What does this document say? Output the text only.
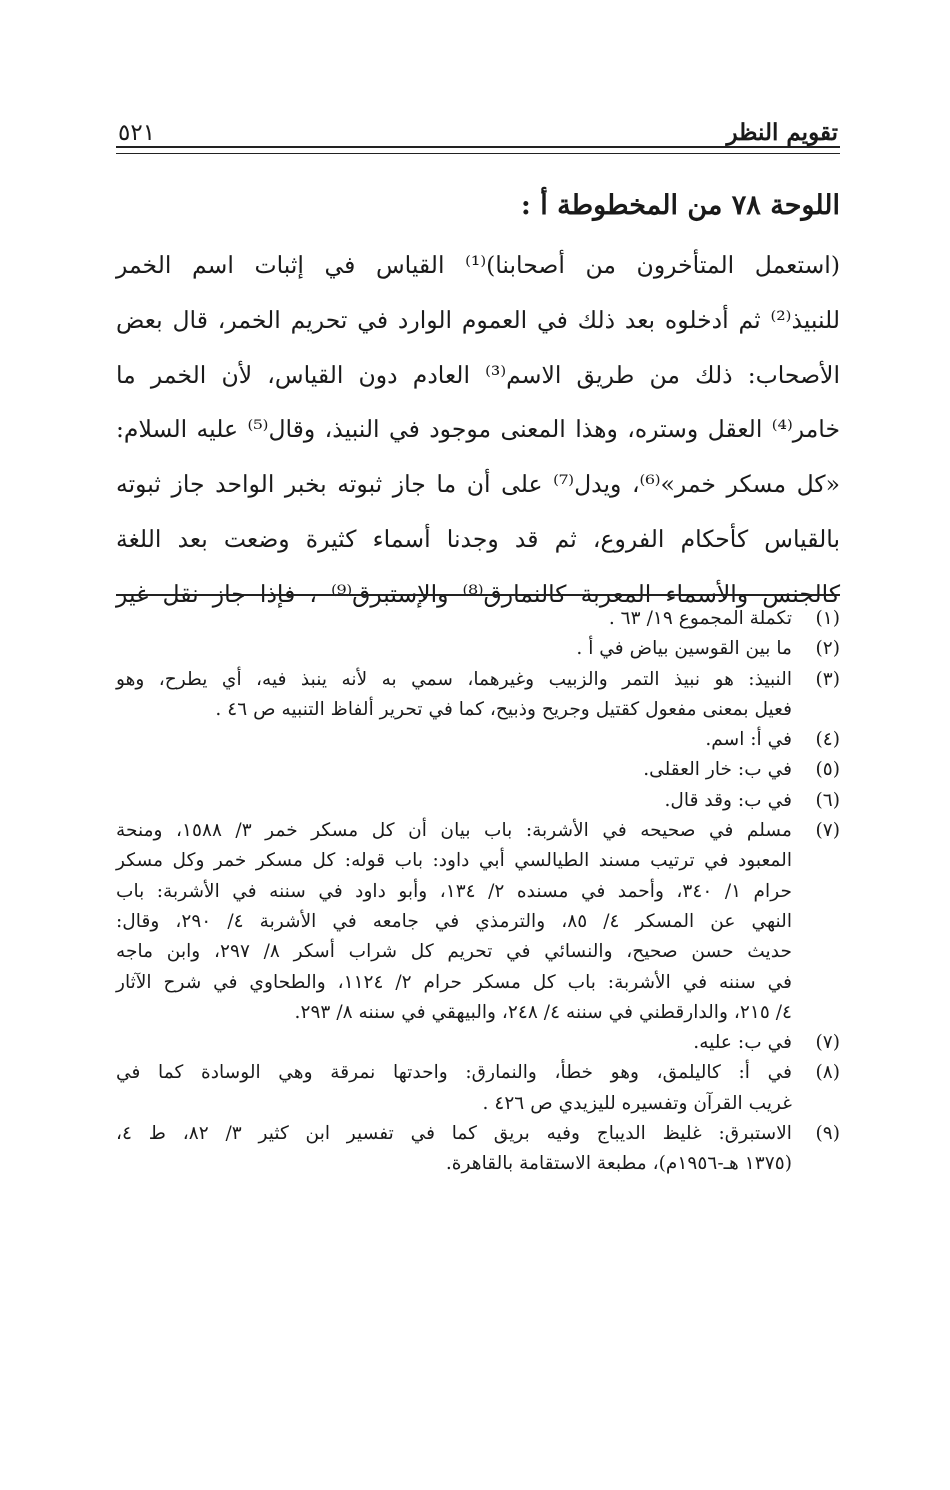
تقويم النظر
٥٢١
اللوحة ٧٨ من المخطوطة أ :
(استعمل المتأخرون من أصحابنا)⁽¹⁾ القياس في إثبات اسم الخمر
للنبيذ⁽²⁾ ثم أدخلوه بعد ذلك في العموم الوارد في تحريم الخمر، قال بعض
الأصحاب: ذلك من طريق الاسم⁽³⁾ العادم دون القياس، لأن الخمر ما
خامر⁽⁴⁾ العقل وستره، وهذا المعنى موجود في النبيذ، وقال⁽⁵⁾ عليه السلام:
«كل مسكر خمر»⁽⁶⁾، ويدل⁽⁷⁾ على أن ما جاز ثبوته بخبر الواحد جاز ثبوته
بالقياس كأحكام الفروع، ثم قد وجدنا أسماء كثيرة وضعت بعد اللغة
كالجنس والأسماء المعربة كالنمارق⁽⁸⁾ والإستبرق⁽⁹⁾ ، فإذا جاز نقل غير
(١)
تكملة المجموع ١٩/ ٦٣ .
(٢)
ما بين القوسين بياض في أ .
(٣)
النبيذ: هو نبيذ التمر والزبيب وغيرهما، سمي به لأنه ينبذ فيه، أي يطرح، وهو
فعيل بمعنى مفعول كقتيل وجريح وذبيح، كما في تحرير ألفاظ التنبيه ص ٤٦ .
(٤)
في أ: اسم.
(٥)
في ب: خار العقلى.
(٦)
في ب: وقد قال.
(٧)
مسلم في صحيحه في الأشربة: باب بيان أن كل مسكر خمر ٣/ ١٥٨٨، ومنحة
المعبود في ترتيب مسند الطيالسي أبي داود: باب قوله: كل مسكر خمر وكل مسكر
حرام ١/ ٣٤٠، وأحمد في مسنده ٢/ ١٣٤، وأبو داود في سننه في الأشربة: باب
النهي عن المسكر ٤/ ٨٥، والترمذي في جامعه في الأشربة ٤/ ٢٩٠، وقال:
حديث حسن صحيح، والنسائي في تحريم كل شراب أسكر ٨/ ٢٩٧، وابن ماجه
في سننه في الأشربة: باب كل مسكر حرام ٢/ ١١٢٤، والطحاوي في شرح الآثار
٤/ ٢١٥، والدارقطني في سننه ٤/ ٢٤٨، والبيهقي في سننه ٨/ ٢٩٣.
(٧)
في ب: عليه.
(٨)
في أ: كاليلمق، وهو خطأ، والنمارق: واحدتها نمرقة وهي الوسادة كما في
غريب القرآن وتفسيره لليزيدي ص ٤٢٦ .
(٩)
الاستبرق: غليظ الديباج وفيه بريق كما في تفسير ابن كثير ٣/ ٨٢، ط ٤،
(١٣٧٥ هـ-١٩٥٦م)، مطبعة الاستقامة بالقاهرة.
